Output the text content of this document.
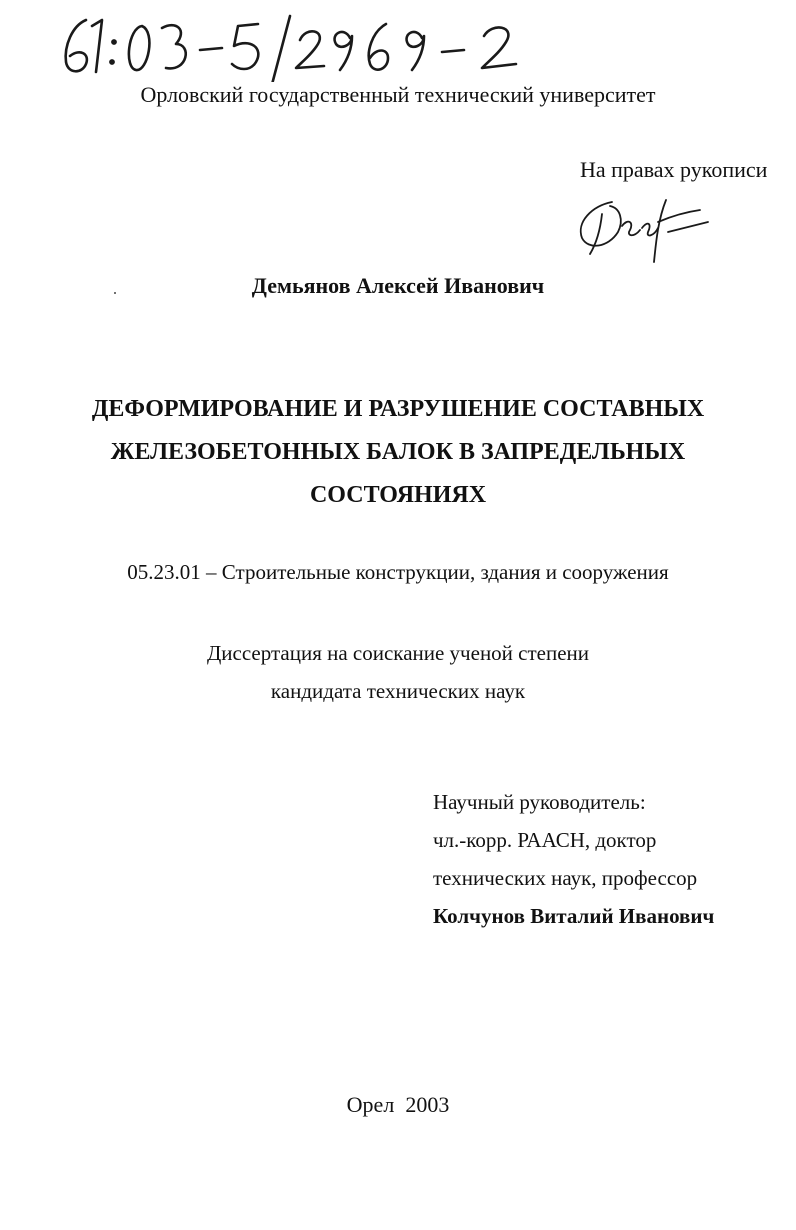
Орловский государственный технический университет
На правах рукописи
Демьянов Алексей Иванович
ДЕФОРМИРОВАНИЕ И РАЗРУШЕНИЕ СОСТАВНЫХ
ЖЕЛЕЗОБЕТОННЫХ БАЛОК В ЗАПРЕДЕЛЬНЫХ
СОСТОЯНИЯХ
05.23.01 – Строительные конструкции, здания и сооружения
Диссертация на соискание ученой степени
кандидата технических наук
Научный руководитель:
чл.-корр. РААСН, доктор
технических наук, профессор
Колчунов Виталий Иванович
Орел 2003
